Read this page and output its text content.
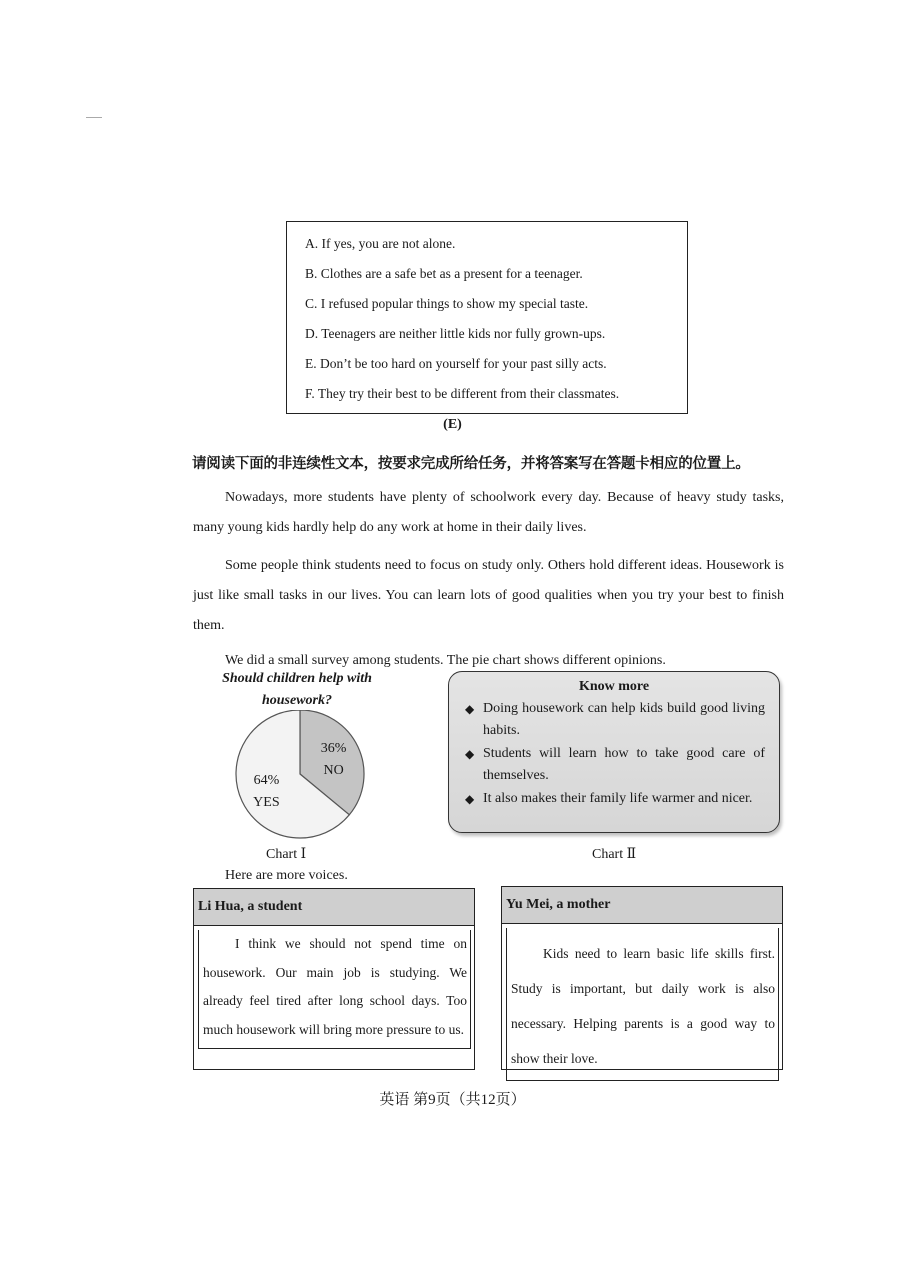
A. If yes, you are not alone.
B. Clothes are a safe bet as a present for a teenager.
C. I refused popular things to show my special taste.
D. Teenagers are neither little kids nor fully grown-ups.
E. Don’t be too hard on yourself for your past silly acts.
F. They try their best to be different from their classmates.
(E)
请阅读下面的非连续性文本，按要求完成所给任务，并将答案写在答题卡相应的位置上。
Nowadays, more students have plenty of schoolwork every day. Because of heavy study tasks, many young kids hardly help do any work at home in their daily lives.
Some people think students need to focus on study only. Others hold different ideas. Housework is just like small tasks in our lives. You can learn lots of good qualities when you try your best to finish them.
We did a small survey among students. The pie chart shows different opinions.
Should children help with housework?
36%
NO
64%
YES
Chart Ⅰ
Know more
◆ Doing housework can help kids build good living habits.
◆ Students will learn how to take good care of themselves.
◆ It also makes their family life warmer and nicer.
Chart Ⅱ
Here are more voices.
Li Hua, a student
I think we should not spend time on housework. Our main job is studying. We already feel tired after long school days. Too much housework will bring more pressure to us.
Yu Mei, a mother
Kids need to learn basic life skills first. Study is important, but daily work is also necessary. Helping parents is a good way to show their love.
英语 第9页（共12页）
